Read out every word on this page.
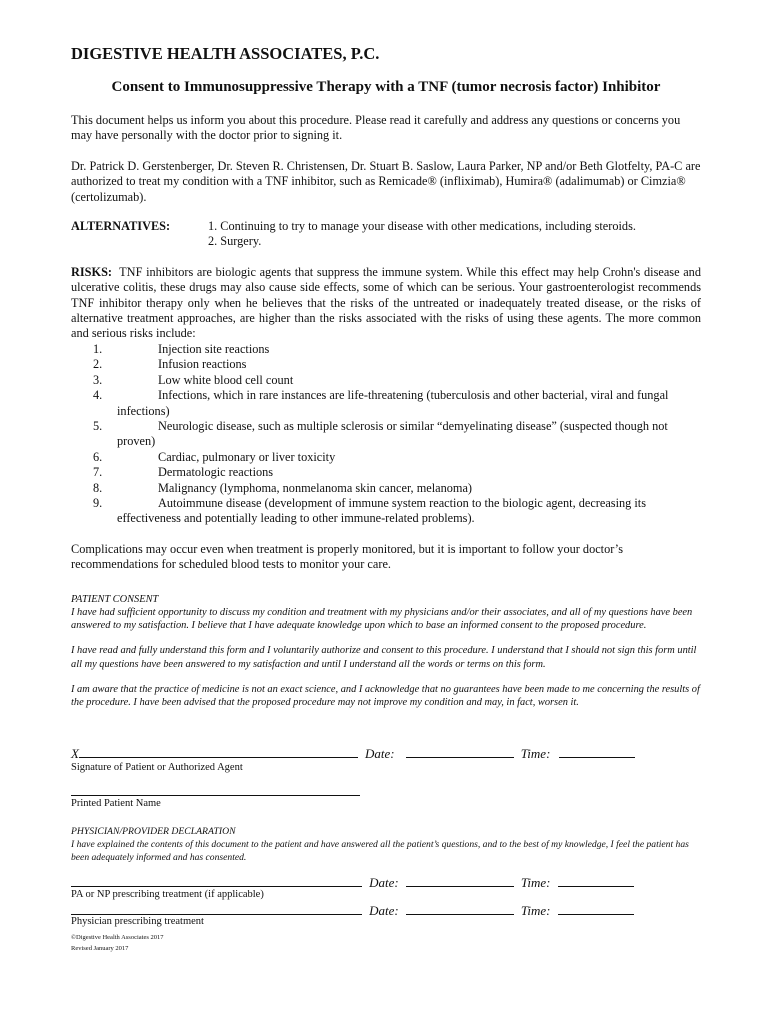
DIGESTIVE HEALTH ASSOCIATES, P.C.
Consent to Immunosuppressive Therapy with a TNF (tumor necrosis factor) Inhibitor

This document helps us inform you about this procedure. Please read it carefully and address any questions or concerns you may have personally with the doctor prior to signing it.

Dr. Patrick D. Gerstenberger, Dr. Steven R. Christensen, Dr. Stuart B. Saslow, Laura Parker, NP and/or Beth Glotfelty, PA-C are authorized to treat my condition with a TNF inhibitor, such as Remicade® (infliximab), Humira® (adalimumab) or Cimzia® (certolizumab).

ALTERNATIVES:	1. Continuing to try to manage your disease with other medications, including steroids.
2. Surgery.

RISKS: TNF inhibitors are biologic agents that suppress the immune system. While this effect may help Crohn's disease and ulcerative colitis, these drugs may also cause side effects, some of which can be serious. Your gastroenterologist recommends TNF inhibitor therapy only when he believes that the risks of the untreated or inadequately treated disease, or the risks of alternative treatment approaches, are higher than the risks associated with the risks of using these agents. The more common and serious risks include:

1.	Injection site reactions
2.	Infusion reactions
3.	Low white blood cell count
4.	Infections, which in rare instances are life-threatening (tuberculosis and other bacterial, viral and fungal infections)
5.	Neurologic disease, such as multiple sclerosis or similar “demyelinating disease” (suspected though not proven)
6.	Cardiac, pulmonary or liver toxicity
7.	Dermatologic reactions
8.	Malignancy (lymphoma, nonmelanoma skin cancer, melanoma)
9.	Autoimmune disease (development of immune system reaction to the biologic agent, decreasing its effectiveness and potentially leading to other immune-related problems).

Complications may occur even when treatment is properly monitored, but it is important to follow your doctor’s recommendations for scheduled blood tests to monitor your care.

PATIENT CONSENT

I have had sufficient opportunity to discuss my condition and treatment with my physicians and/or their associates, and all of my questions have been answered to my satisfaction. I believe that I have adequate knowledge upon which to base an informed consent to the proposed procedure.

I have read and fully understand this form and I voluntarily authorize and consent to this procedure. I understand that I should not sign this form until all my questions have been answered to my satisfaction and until I understand all the words or terms on this form.

I am aware that the practice of medicine is not an exact science, and I acknowledge that no guarantees have been made to me concerning the results of the procedure. I have been advised that the proposed procedure may not improve my condition and may, in fact, worsen it.

X	Date:	Time:
Signature of Patient or Authorized Agent
Printed Patient Name

PHYSICIAN/PROVIDER DECLARATION

I have explained the contents of this document to the patient and have answered all the patient’s questions, and to the best of my knowledge, I feel the patient has been adequately informed and has consented.

Date:	Time:
PA or NP prescribing treatment (if applicable)
Date:	Time:
Physician prescribing treatment

©Digestive Health Associates 2017

Revised January 2017
